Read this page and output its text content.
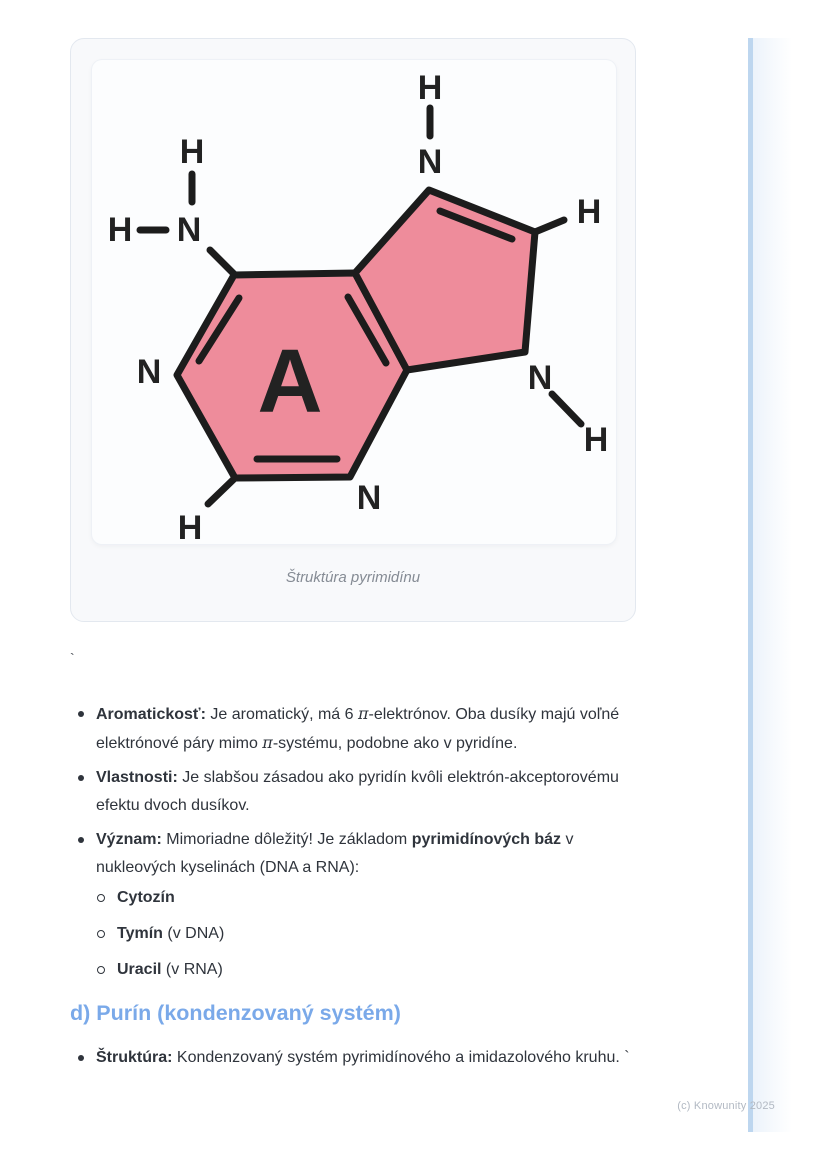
H
N
H
N
H	H
N
H
N
H
N A
Štruktúra pyrimidínu
`
Aromatickosť: Je aromatický, má 6 π-elektrónov. Oba dusíky majú voľné elektrónové páry mimo π-systému, podobne ako v pyridíne.
Vlastnosti: Je slabšou zásadou ako pyridín kvôli elektrón-akceptorovému efektu dvoch dusíkov.
Význam: Mimoriadne dôležitý! Je základom pyrimidínových báz v nukleových kyselinách (DNA a RNA):
Cytozín
Tymín (v DNA)
Uracil (v RNA)
d) Purín (kondenzovaný systém)
Štruktúra: Kondenzovaný systém pyrimidínového a imidazolového kruhu. `
(c) Knowunity 2025
